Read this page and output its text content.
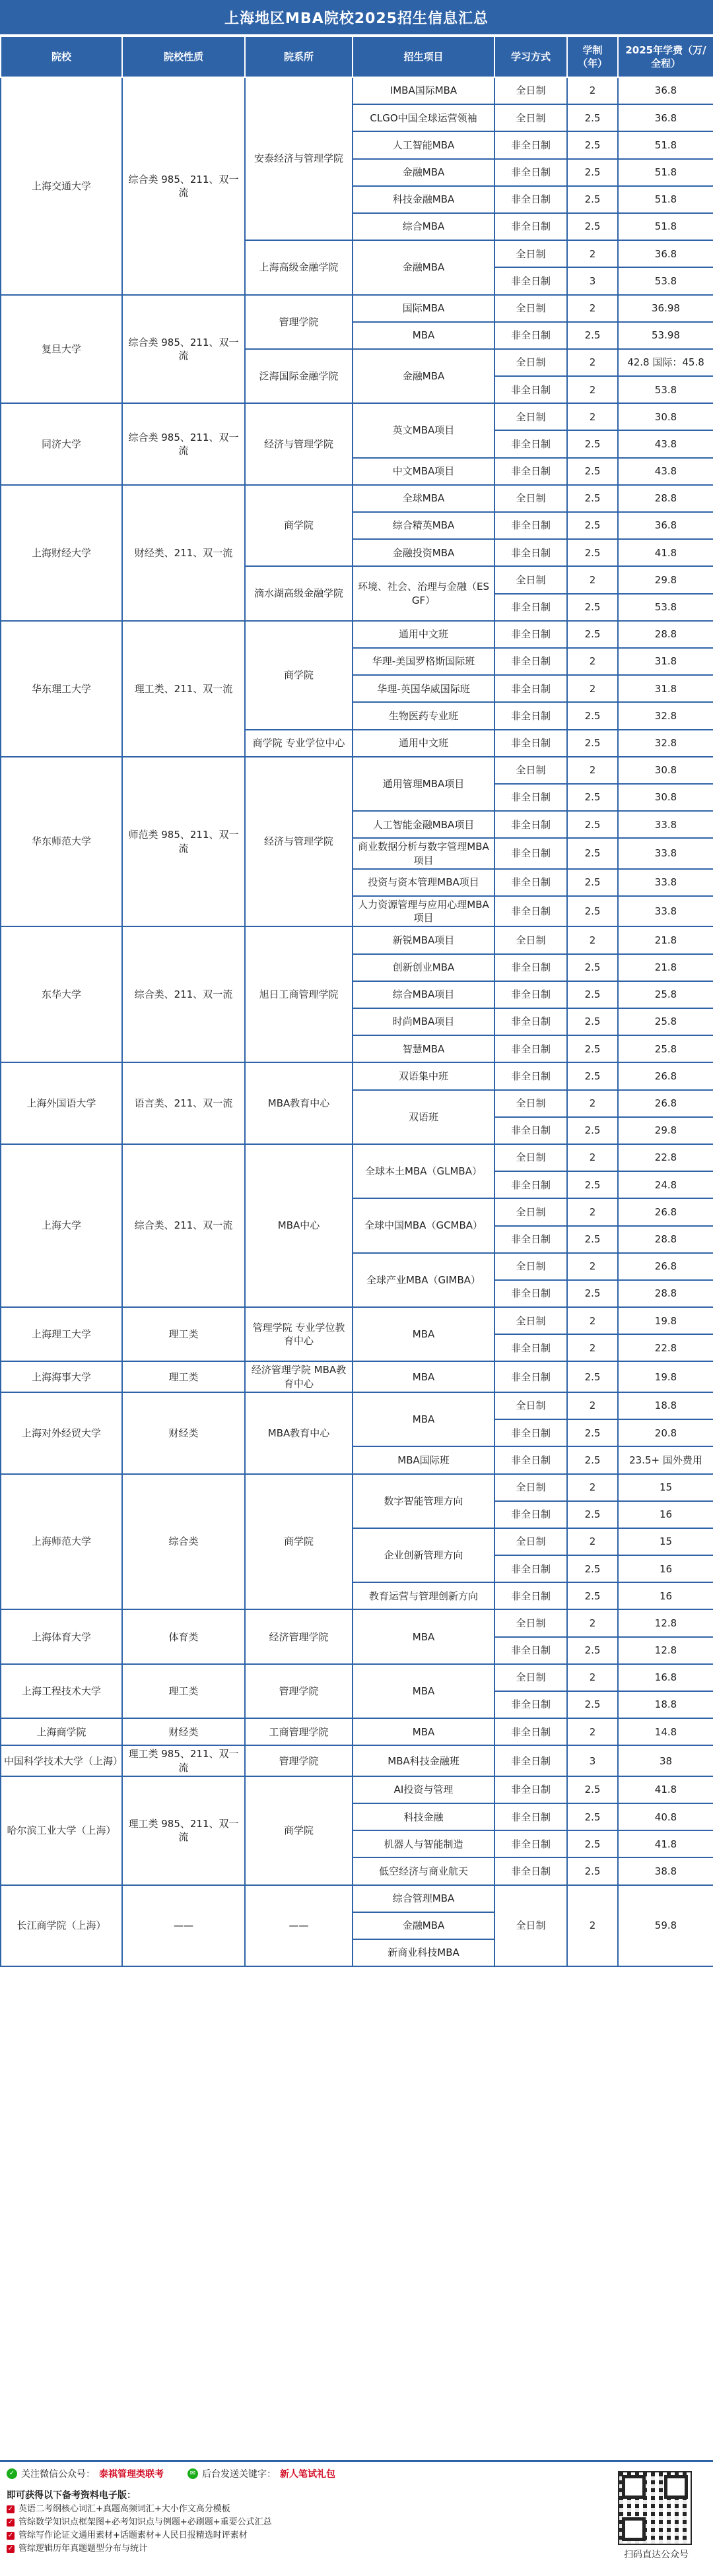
上海地区MBA院校2025招生信息汇总
院校	院校性质	院系所	招生项目	学习方式	学制（年）	2025年学费（万/全程）
上海交通大学	综合类 985、211、双一流	安泰经济与管理学院	IMBA国际MBA	全日制	2	36.8
			CLGO中国全球运营领袖	全日制	2.5	36.8
			人工智能MBA	非全日制	2.5	51.8
			金融MBA	非全日制	2.5	51.8
			科技金融MBA	非全日制	2.5	51.8
			综合MBA	非全日制	2.5	51.8
		上海高级金融学院	金融MBA	全日制	2	36.8
				非全日制	3	53.8
复旦大学	综合类 985、211、双一流	管理学院	国际MBA	全日制	2	36.98
			MBA	非全日制	2.5	53.98
		泛海国际金融学院	金融MBA	全日制	2	42.8 国际：45.8
				非全日制	2	53.8
同济大学	综合类 985、211、双一流	经济与管理学院	英文MBA项目	全日制	2	30.8
				非全日制	2.5	43.8
			中文MBA项目	非全日制	2.5	43.8
上海财经大学	财经类、211、双一流	商学院	全球MBA	全日制	2.5	28.8
			综合精英MBA	非全日制	2.5	36.8
			金融投资MBA	非全日制	2.5	41.8
		滴水湖高级金融学院	环境、社会、治理与金融（ESGF）	全日制	2	29.8
				非全日制	2.5	53.8
华东理工大学	理工类、211、双一流	商学院	通用中文班	非全日制	2.5	28.8
			华理-美国罗格斯国际班	非全日制	2	31.8
			华理-英国华威国际班	非全日制	2	31.8
			生物医药专业班	非全日制	2.5	32.8
		商学院 专业学位中心	通用中文班	非全日制	2.5	32.8
华东师范大学	师范类 985、211、双一流	经济与管理学院	通用管理MBA项目	全日制	2	30.8
				非全日制	2.5	30.8
			人工智能金融MBA项目	非全日制	2.5	33.8
			商业数据分析与数字管理MBA项目	非全日制	2.5	33.8
			投资与资本管理MBA项目	非全日制	2.5	33.8
			人力资源管理与应用心理MBA项目	非全日制	2.5	33.8
东华大学	综合类、211、双一流	旭日工商管理学院	新锐MBA项目	全日制	2	21.8
			创新创业MBA	非全日制	2.5	21.8
			综合MBA项目	非全日制	2.5	25.8
			时尚MBA项目	非全日制	2.5	25.8
			智慧MBA	非全日制	2.5	25.8
上海外国语大学	语言类、211、双一流	MBA教育中心	双语集中班	非全日制	2.5	26.8
			双语班	全日制	2	26.8
				非全日制	2.5	29.8
上海大学	综合类、211、双一流	MBA中心	全球本土MBA（GLMBA）	全日制	2	22.8
				非全日制	2.5	24.8
			全球中国MBA（GCMBA）	全日制	2	26.8
				非全日制	2.5	28.8
			全球产业MBA（GIMBA）	全日制	2	26.8
				非全日制	2.5	28.8
上海理工大学	理工类	管理学院 专业学位教育中心	MBA	全日制	2	19.8
				非全日制	2	22.8
上海海事大学	理工类	经济管理学院 MBA教育中心	MBA	非全日制	2.5	19.8
上海对外经贸大学	财经类	MBA教育中心	MBA	全日制	2	18.8
				非全日制	2.5	20.8
			MBA国际班	非全日制	2.5	23.5+ 国外费用
上海师范大学	综合类	商学院	数字智能管理方向	全日制	2	15
				非全日制	2.5	16
			企业创新管理方向	全日制	2	15
				非全日制	2.5	16
			教育运营与管理创新方向	非全日制	2.5	16
上海体育大学	体育类	经济管理学院	MBA	全日制	2	12.8
				非全日制	2.5	12.8
上海工程技术大学	理工类	管理学院	MBA	全日制	2	16.8
				非全日制	2.5	18.8
上海商学院	财经类	工商管理学院	MBA	非全日制	2	14.8
中国科学技术大学（上海）	理工类 985、211、双一流	管理学院	MBA科技金融班	非全日制	3	38
哈尔滨工业大学（上海）	理工类 985、211、双一流	商学院	AI投资与管理	非全日制	2.5	41.8
			科技金融	非全日制	2.5	40.8
			机器人与智能制造	非全日制	2.5	41.8
			低空经济与商业航天	非全日制	2.5	38.8
长江商学院（上海）	——	——	综合管理MBA	全日制	2	59.8
			金融MBA			
			新商业科技MBA			
✓ 关注微信公众号： 泰祺管理类联考	✉ 后台发送关键字： 新人笔试礼包
即可获得以下备考资料电子版：
✓ 英语二考纲核心词汇+真题高频词汇+大小作文高分模板
✓ 管综数学知识点框架图+必考知识点与例题+必刷题+重要公式汇总
✓ 管综写作论证文通用素材+话题素材+人民日报精选时评素材
✓ 管综逻辑历年真题题型分布与统计
扫码直达公众号
